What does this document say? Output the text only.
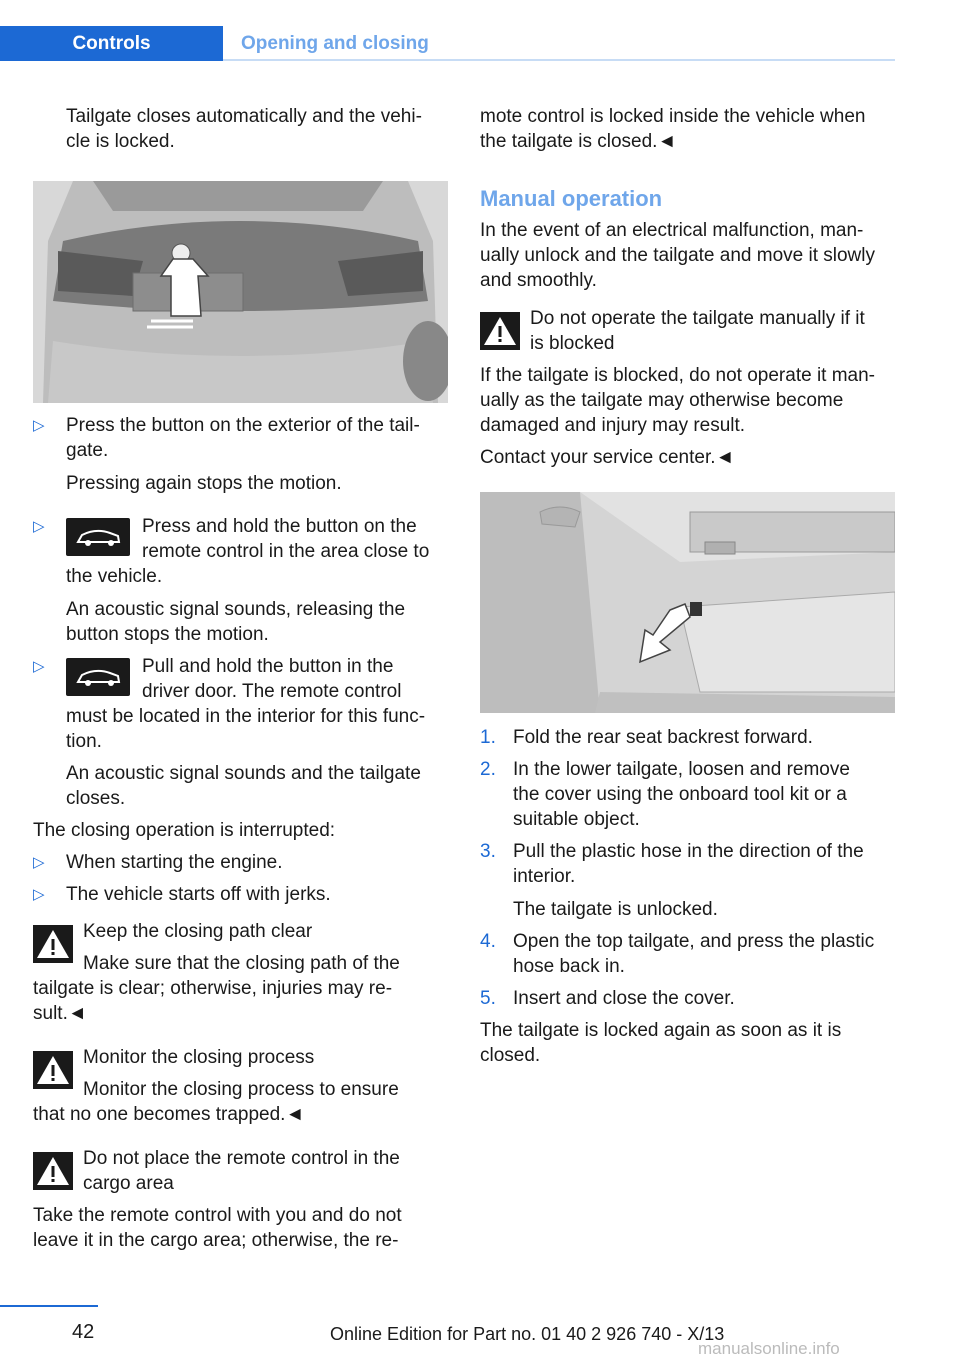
Controls	Opening and closing

Tailgate closes automatically and the vehi-
cle is locked.

▷ Press the button on the exterior of the tail-

gate.

Pressing again stops the motion.

▷	Press and hold the button on the

remote control in the area close to

the vehicle.

An acoustic signal sounds, releasing the

button stops the motion.

▷	Pull and hold the button in the

driver door. The remote control

must be located in the interior for this func-

tion.

An acoustic signal sounds and the tailgate

closes.

The closing operation is interrupted:

▷ When starting the engine.

▷ The vehicle starts off with jerks.

Keep the closing path clear

Make sure that the closing path of the

tailgate is clear; otherwise, injuries may re-

sult.◄

Monitor the closing process

Monitor the closing process to ensure

that no one becomes trapped.◄

Do not place the remote control in the

cargo area

Take the remote control with you and do not

leave it in the cargo area; otherwise, the re-

mote control is locked inside the vehicle when

the tailgate is closed.◄

Manual operation

In the event of an electrical malfunction, man-

ually unlock and the tailgate and move it slowly

and smoothly.

Do not operate the tailgate manually if it

is blocked

If the tailgate is blocked, do not operate it man-

ually as the tailgate may otherwise become

damaged and injury may result.

Contact your service center.◄

1. Fold the rear seat backrest forward.

2. In the lower tailgate, loosen and remove

the cover using the onboard tool kit or a

suitable object.

3. Pull the plastic hose in the direction of the

interior.

The tailgate is unlocked.

4. Open the top tailgate, and press the plastic

hose back in.

5. Insert and close the cover.

The tailgate is locked again as soon as it is

closed.

42	Online Edition for Part no. 01 40 2 926 740 - X/13
manualsonline.info
